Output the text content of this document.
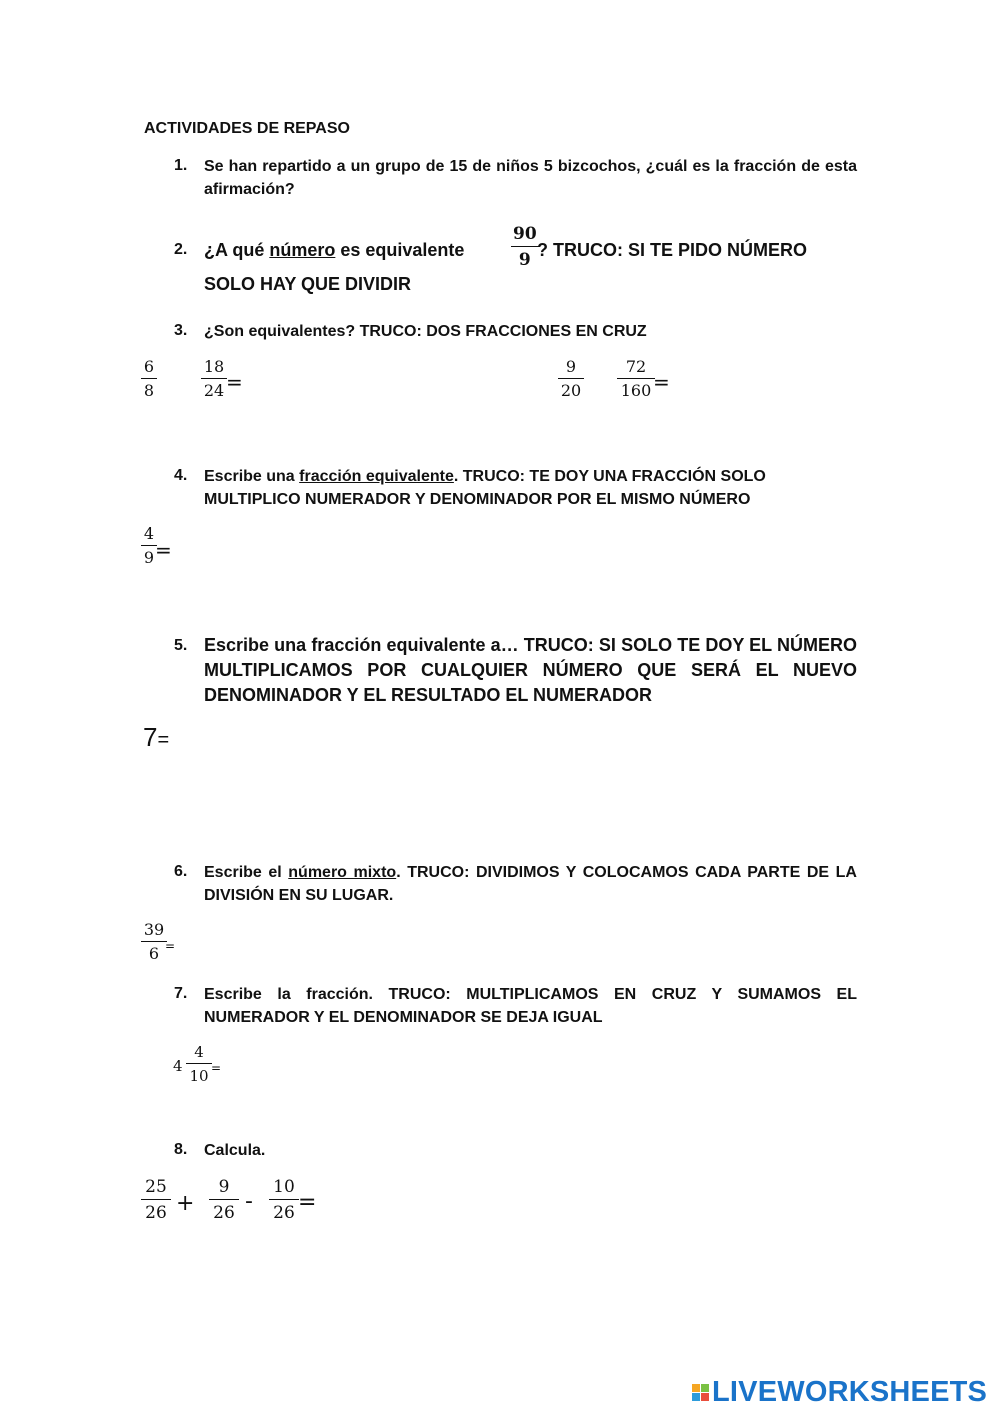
ACTIVIDADES DE REPASO
1. Se han repartido a un grupo de 15 de niños 5 bizcochos, ¿cuál es la fracción de esta afirmación?
2. ¿A qué número es equivalente
90
9 ? TRUCO: SI TE PIDO NÚMERO
SOLO HAY QUE DIVIDIR
3. ¿Son equivalentes? TRUCO: DOS FRACCIONES EN CRUZ
6
8
18
24 =
9
20
72
160 =
4. Escribe una fracción equivalente. TRUCO: TE DOY UNA FRACCIÓN SOLO MULTIPLICO NUMERADOR Y DENOMINADOR POR EL MISMO NÚMERO
4
9 =
5. Escribe una fracción equivalente a… TRUCO: SI SOLO TE DOY EL NÚMERO MULTIPLICAMOS POR CUALQUIER NÚMERO QUE SERÁ EL NUEVO DENOMINADOR Y EL RESULTADO EL NUMERADOR
7=
6. Escribe el número mixto. TRUCO: DIVIDIMOS Y COLOCAMOS CADA PARTE DE LA DIVISIÓN EN SU LUGAR.
39
6 =
7. Escribe la fracción. TRUCO: MULTIPLICAMOS EN CRUZ Y SUMAMOS EL NUMERADOR Y EL DENOMINADOR SE DEJA IGUAL
4
4
10 =
8. Calcula.
25
26 +
9
26 -
10
26 =
LIVEWORKSHEETS
